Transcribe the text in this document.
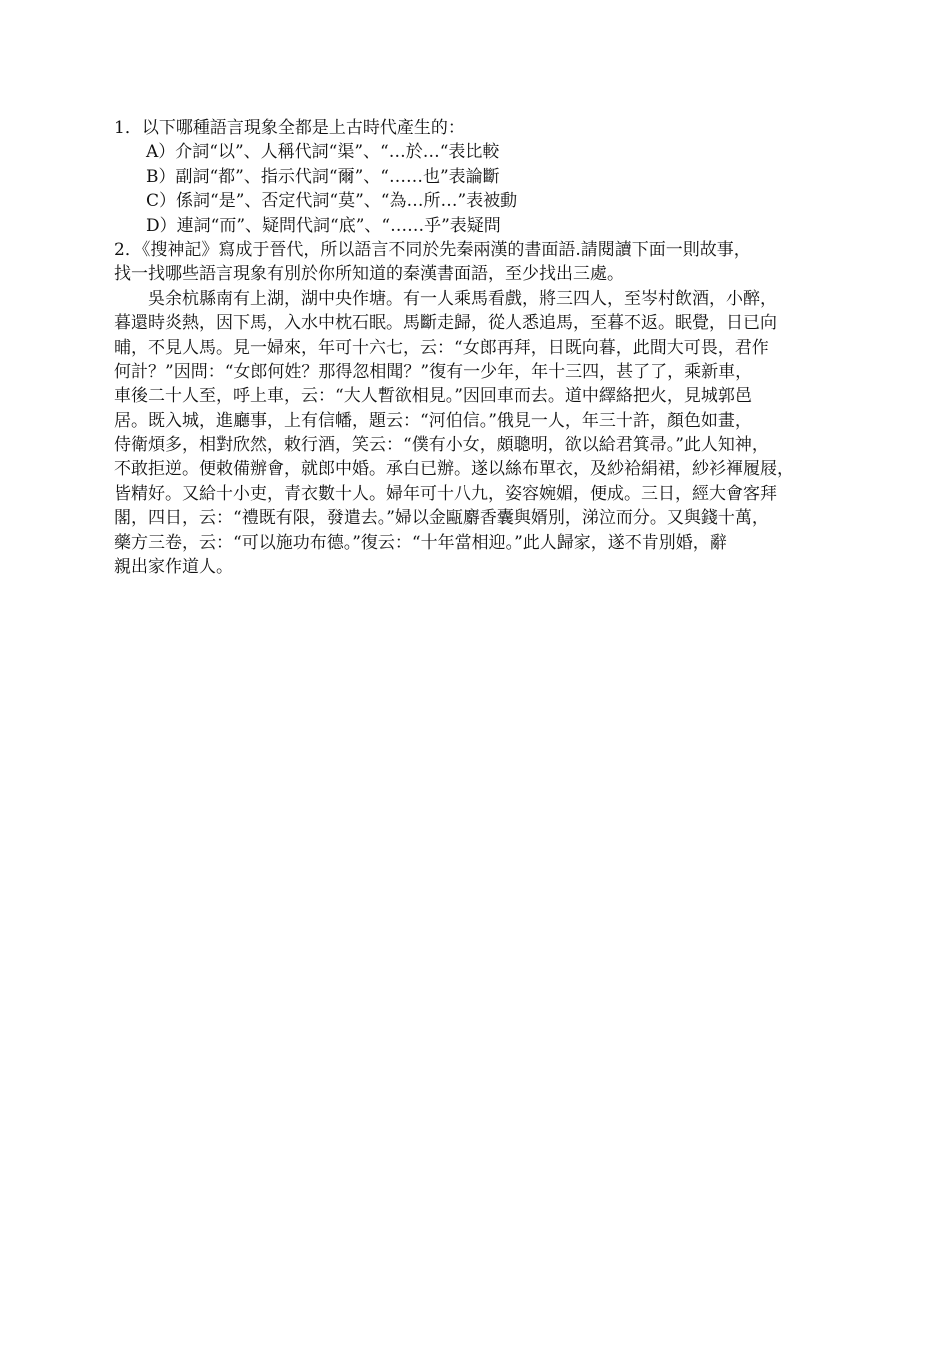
1．以下哪種語言現象全都是上古時代產生的：
A）介詞“以”、人稱代詞“渠”、“…於…“表比較
B）副詞“都”、指示代詞“爾”、“……也”表論斷
C）係詞“是”、否定代詞“莫”、“為…所…”表被動
D）連詞“而”、疑問代詞“底”、“……乎”表疑問
2．《搜神記》寫成于晉代，所以語言不同於先秦兩漢的書面語.請閱讀下面一則故事，
找一找哪些語言現象有別於你所知道的秦漢書面語，至少找出三處。
吳余杭縣南有上湖，湖中央作塘。有一人乘馬看戲，將三四人，至岑村飲酒，小醉，
暮還時炎熱，因下馬，入水中枕石眠。馬斷走歸，從人悉追馬，至暮不返。眠覺，日已向
晡，不見人馬。見一婦來，年可十六七，云：“女郎再拜，日既向暮，此間大可畏，君作
何計？”因問：“女郎何姓？那得忽相聞？”復有一少年，年十三四，甚了了，乘新車，
車後二十人至，呼上車，云：“大人暫欲相見。”因回車而去。道中繹絡把火，見城郭邑
居。既入城，進廳事，上有信幡，題云：“河伯信。”俄見一人，年三十許，顏色如畫，
侍衛煩多，相對欣然，敕行酒，笑云：“僕有小女，頗聰明，欲以給君箕帚。”此人知神，
不敢拒逆。便敕備辦會，就郎中婚。承白已辦。遂以絲布單衣，及紗袷絹裙，紗衫褌履屐，
皆精好。又給十小吏，青衣數十人。婦年可十八九，姿容婉媚，便成。三日，經大會客拜
閣，四日，云：“禮既有限，發遣去。”婦以金甌麝香囊與婿別，涕泣而分。又與錢十萬，
藥方三卷，云：“可以施功布德。”復云：“十年當相迎。”此人歸家，遂不肯別婚，辭
親出家作道人。
